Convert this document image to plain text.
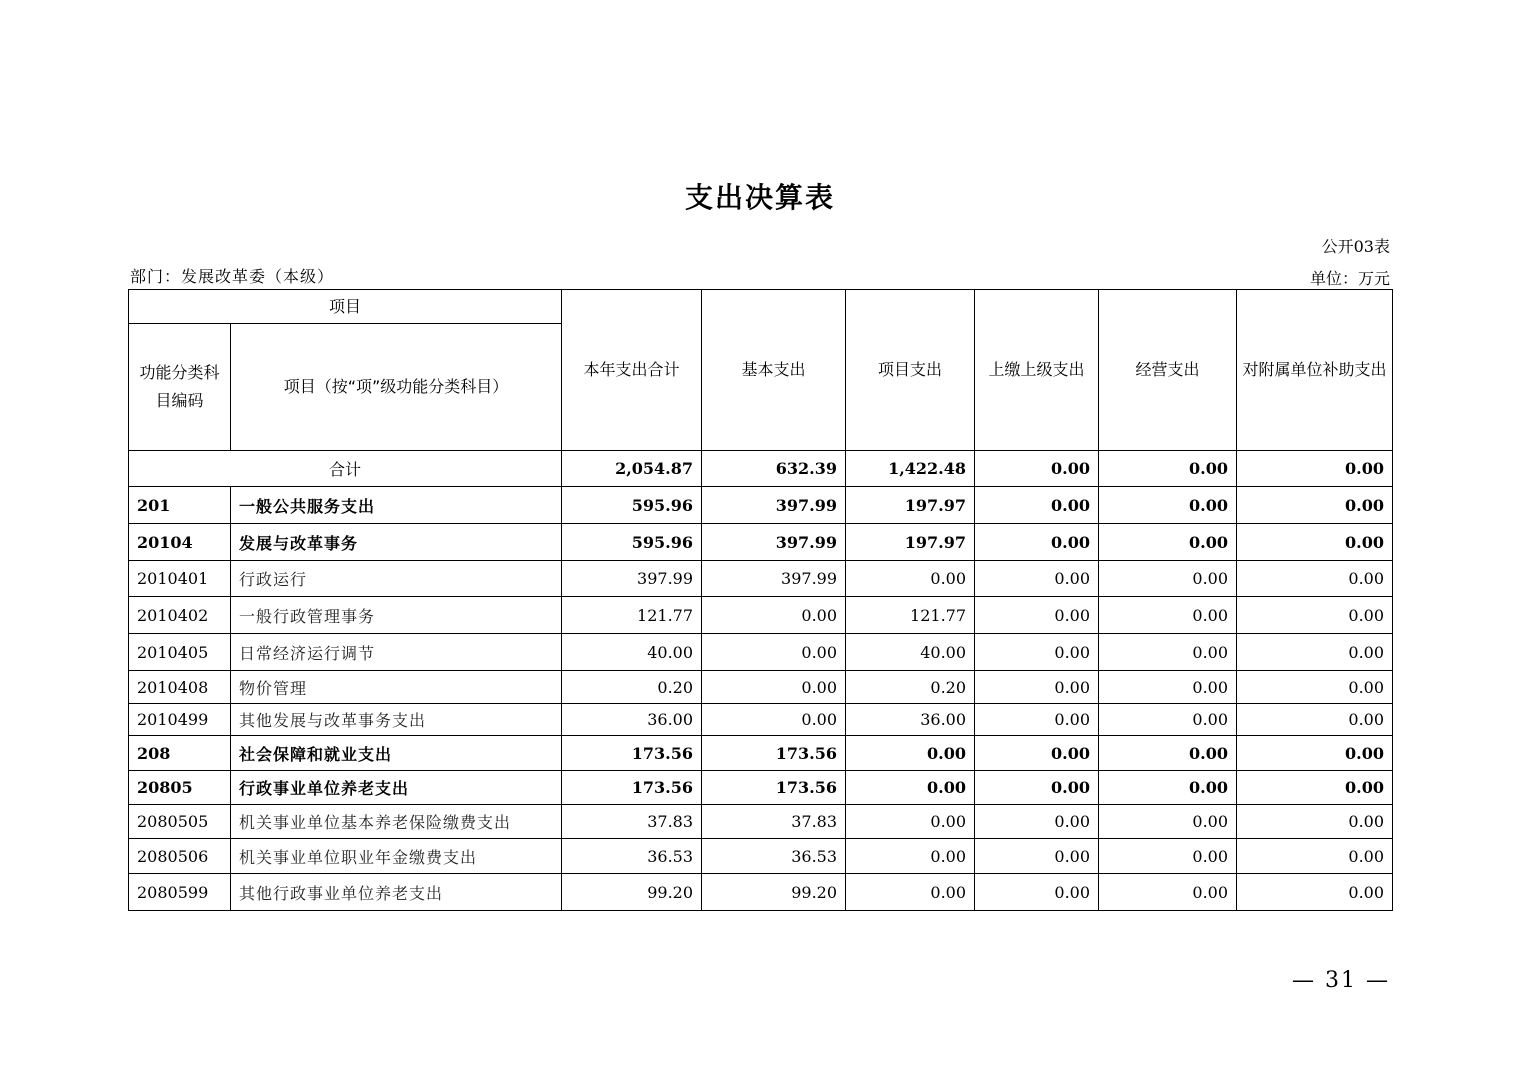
支出决算表
公开03表
部门：发展改革委（本级）	单位：万元
项目		本年支出合计	基本支出	项目支出	上缴上级支出	经营支出	对附属单位补助支出
功能分类科目编码	项目（按“项”级功能分类科目）						
合计		2,054.87	632.39	1,422.48	0.00	0.00	0.00
201	一般公共服务支出	595.96	397.99	197.97	0.00	0.00	0.00
20104	发展与改革事务	595.96	397.99	197.97	0.00	0.00	0.00
2010401	行政运行	397.99	397.99	0.00	0.00	0.00	0.00
2010402	一般行政管理事务	121.77	0.00	121.77	0.00	0.00	0.00
2010405	日常经济运行调节	40.00	0.00	40.00	0.00	0.00	0.00
2010408	物价管理	0.20	0.00	0.20	0.00	0.00	0.00
2010499	其他发展与改革事务支出	36.00	0.00	36.00	0.00	0.00	0.00
208	社会保障和就业支出	173.56	173.56	0.00	0.00	0.00	0.00
20805	行政事业单位养老支出	173.56	173.56	0.00	0.00	0.00	0.00
2080505	机关事业单位基本养老保险缴费支出	37.83	37.83	0.00	0.00	0.00	0.00
2080506	机关事业单位职业年金缴费支出	36.53	36.53	0.00	0.00	0.00	0.00
2080599	其他行政事业单位养老支出	99.20	99.20	0.00	0.00	0.00	0.00
— 31 —
